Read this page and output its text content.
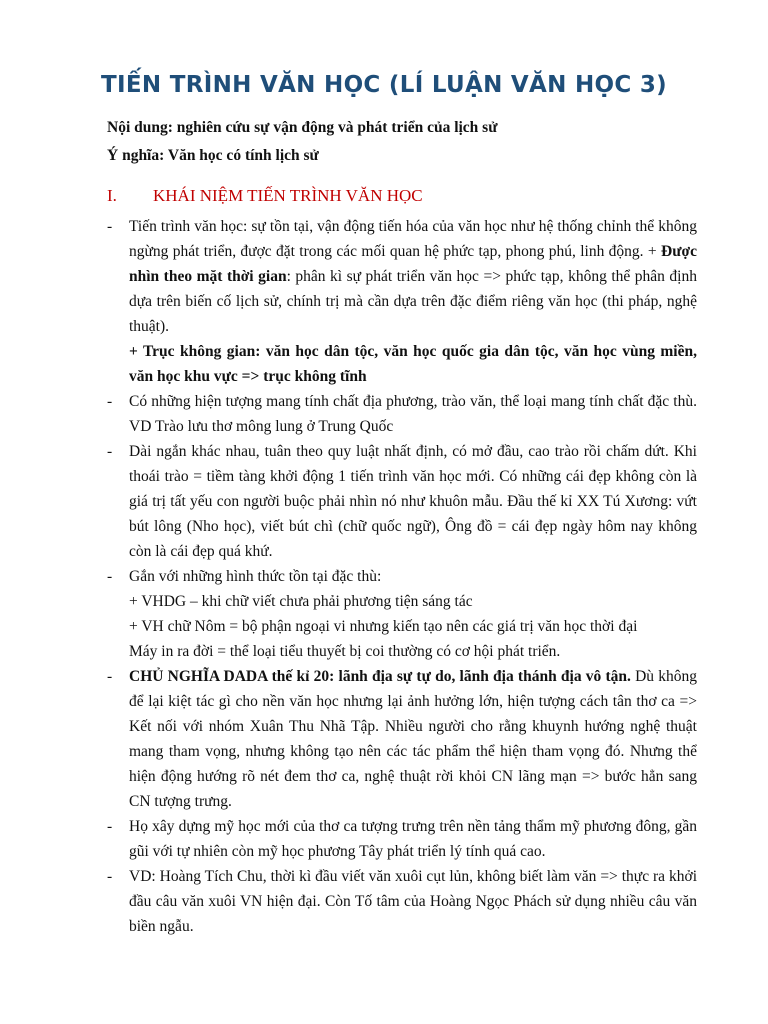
TIẾN TRÌNH VĂN HỌC (LÍ LUẬN VĂN HỌC 3)
Nội dung: nghiên cứu sự vận động và phát triển của lịch sử
Ý nghĩa: Văn học có tính lịch sử
I.	KHÁI NIỆM TIẾN TRÌNH VĂN HỌC
- Tiến trình văn học: sự tồn tại, vận động tiến hóa của văn học như hệ thống chỉnh thể không ngừng phát triển, được đặt trong các mối quan hệ phức tạp, phong phú, linh động. + Được nhìn theo mặt thời gian: phân kì sự phát triển văn học => phức tạp, không thể phân định dựa trên biến cố lịch sử, chính trị mà cần dựa trên đặc điểm riêng văn học (thi pháp, nghệ thuật).

+ Trục không gian: văn học dân tộc, văn học quốc gia dân tộc, văn học vùng miền, văn học khu vực => trục không tĩnh

- Có những hiện tượng mang tính chất địa phương, trào văn, thể loại mang tính chất đặc thù. VD Trào lưu thơ mông lung ở Trung Quốc

- Dài ngắn khác nhau, tuân theo quy luật nhất định, có mở đầu, cao trào rồi chấm dứt. Khi thoái trào = tiềm tàng khởi động 1 tiến trình văn học mới. Có những cái đẹp không còn là giá trị tất yếu con người buộc phải nhìn nó như khuôn mẫu. Đầu thế kỉ XX Tú Xương: vứt bút lông (Nho học), viết bút chì (chữ quốc ngữ), Ông đồ = cái đẹp ngày hôm nay không còn là cái đẹp quá khứ.

- Gắn với những hình thức tồn tại đặc thù:

+ VHDG – khi chữ viết chưa phải phương tiện sáng tác

+ VH chữ Nôm = bộ phận ngoại vi nhưng kiến tạo nên các giá trị văn học thời đại

Máy in ra đời = thể loại tiểu thuyết bị coi thường có cơ hội phát triển.

- CHỦ NGHĨA DADA thế kỉ 20: lãnh địa sự tự do, lãnh địa thánh địa vô tận. Dù không để lại kiệt tác gì cho nền văn học nhưng lại ảnh hưởng lớn, hiện tượng cách tân thơ ca => Kết nối với nhóm Xuân Thu Nhã Tập. Nhiều người cho rằng khuynh hướng nghệ thuật mang tham vọng, nhưng không tạo nên các tác phẩm thể hiện tham vọng đó. Nhưng thể hiện động hướng rõ nét đem thơ ca, nghệ thuật rời khỏi CN lãng mạn => bước hẳn sang CN tượng trưng.

- Họ xây dựng mỹ học mới của thơ ca tượng trưng trên nền tảng thẩm mỹ phương đông, gần gũi với tự nhiên còn mỹ học phương Tây phát triển lý tính quá cao.

- VD: Hoàng Tích Chu, thời kì đầu viết văn xuôi cụt lủn, không biết làm văn => thực ra khởi đầu câu văn xuôi VN hiện đại. Còn Tố tâm của Hoàng Ngọc Phách sử dụng nhiều câu văn biền ngẫu.
